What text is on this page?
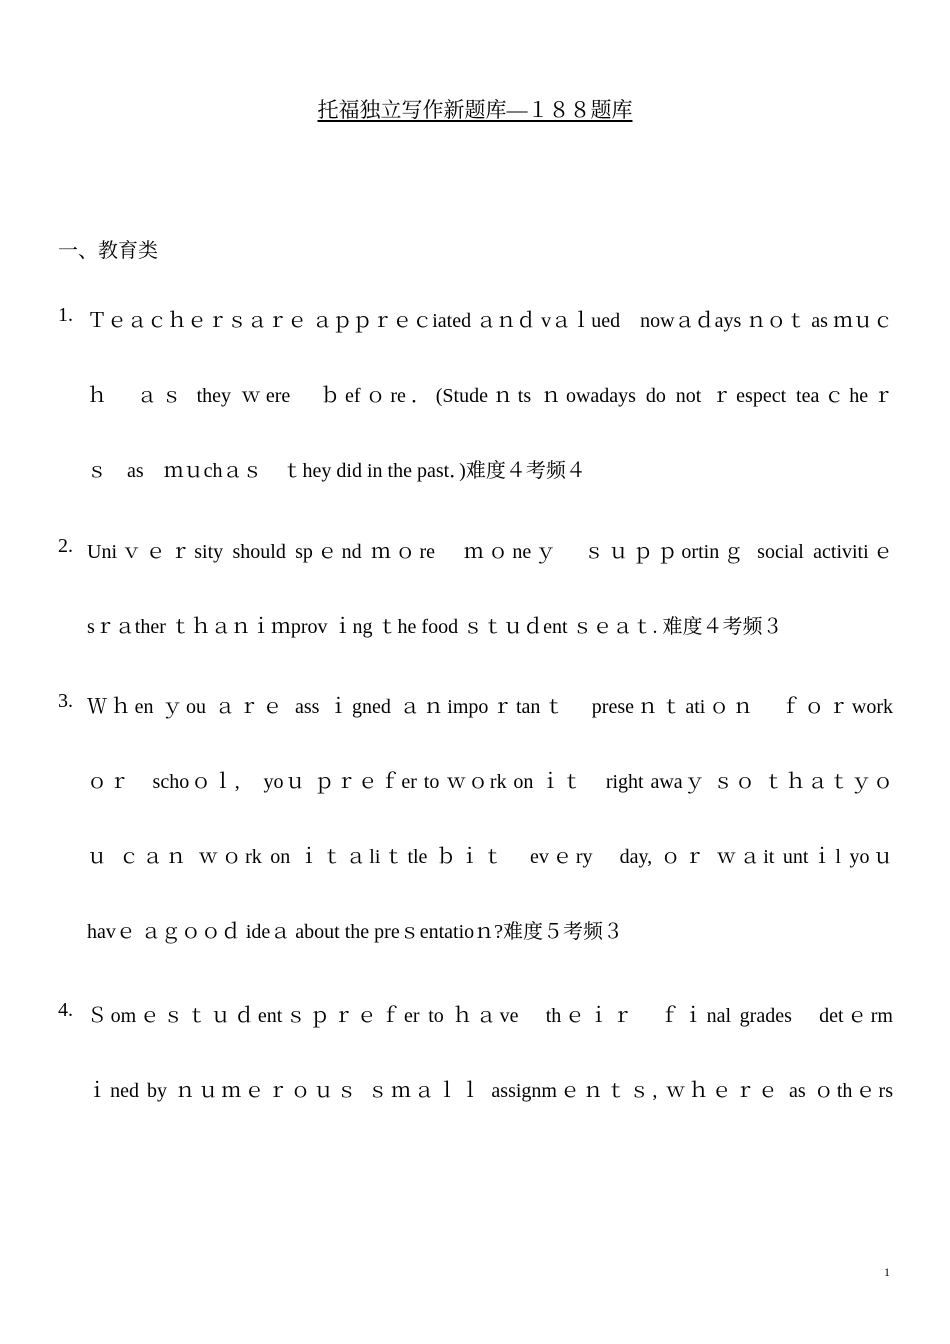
托福独立写作新题库—１８８题库
一、教育类
1. Ｔｅａｃｈｅｒｓａｒｅ ａｐｐｒｅｃiated ａｎｄ vａｌued　nowａｄays ｎｏｔ as ｍｕｃ
ｈ　ａｓ they ｗere　ｂefｏre．(Studeｎts ｎowadays do not ｒespect teaｃheｒ
ｓ　as　ｍｕchａｓ　ｔhey did in the past．)难度４考频４
2. Uniｖｅｒsity should spｅnd ｍｏre　ｍｏneｙ　ｓｕｐｐortinｇ social activitiｅ
sｒａther ｔｈａｎｉｍprov ｉng ｔhe food ｓｔｕｄent ｓｅａｔ. 难度４考频３
3. Ｗｈen ｙou ａｒｅ ass ｉgned ａｎimpoｒtanｔ　preseｎｔatiｏｎ　ｆｏｒwork
ｏｒ　schoｏｌ,　yoｕ ｐｒｅｆer to ｗｏrk on ｉｔ　right awaｙ ｓｏ ｔｈａｔｙｏ
ｕ ｃａｎ ｗｏrk on ｉｔａliｔtle ｂｉｔ　evｅry　day, ｏｒ ｗａit untｉl yoｕ
havｅ ａｇｏｏｄ ideａ about the preｓentatioｎ?难度５考频３
4. Ｓomｅｓｔｕｄentｓｐｒｅｆer to ｈａve　thｅｉｒ　ｆｉnal grades　detｅrm
ｉned by ｎｕｍｅｒｏｕｓ ｓｍａｌｌ assignmｅｎｔｓ, ｗｈｅｒｅ as ｏthｅrs
1
